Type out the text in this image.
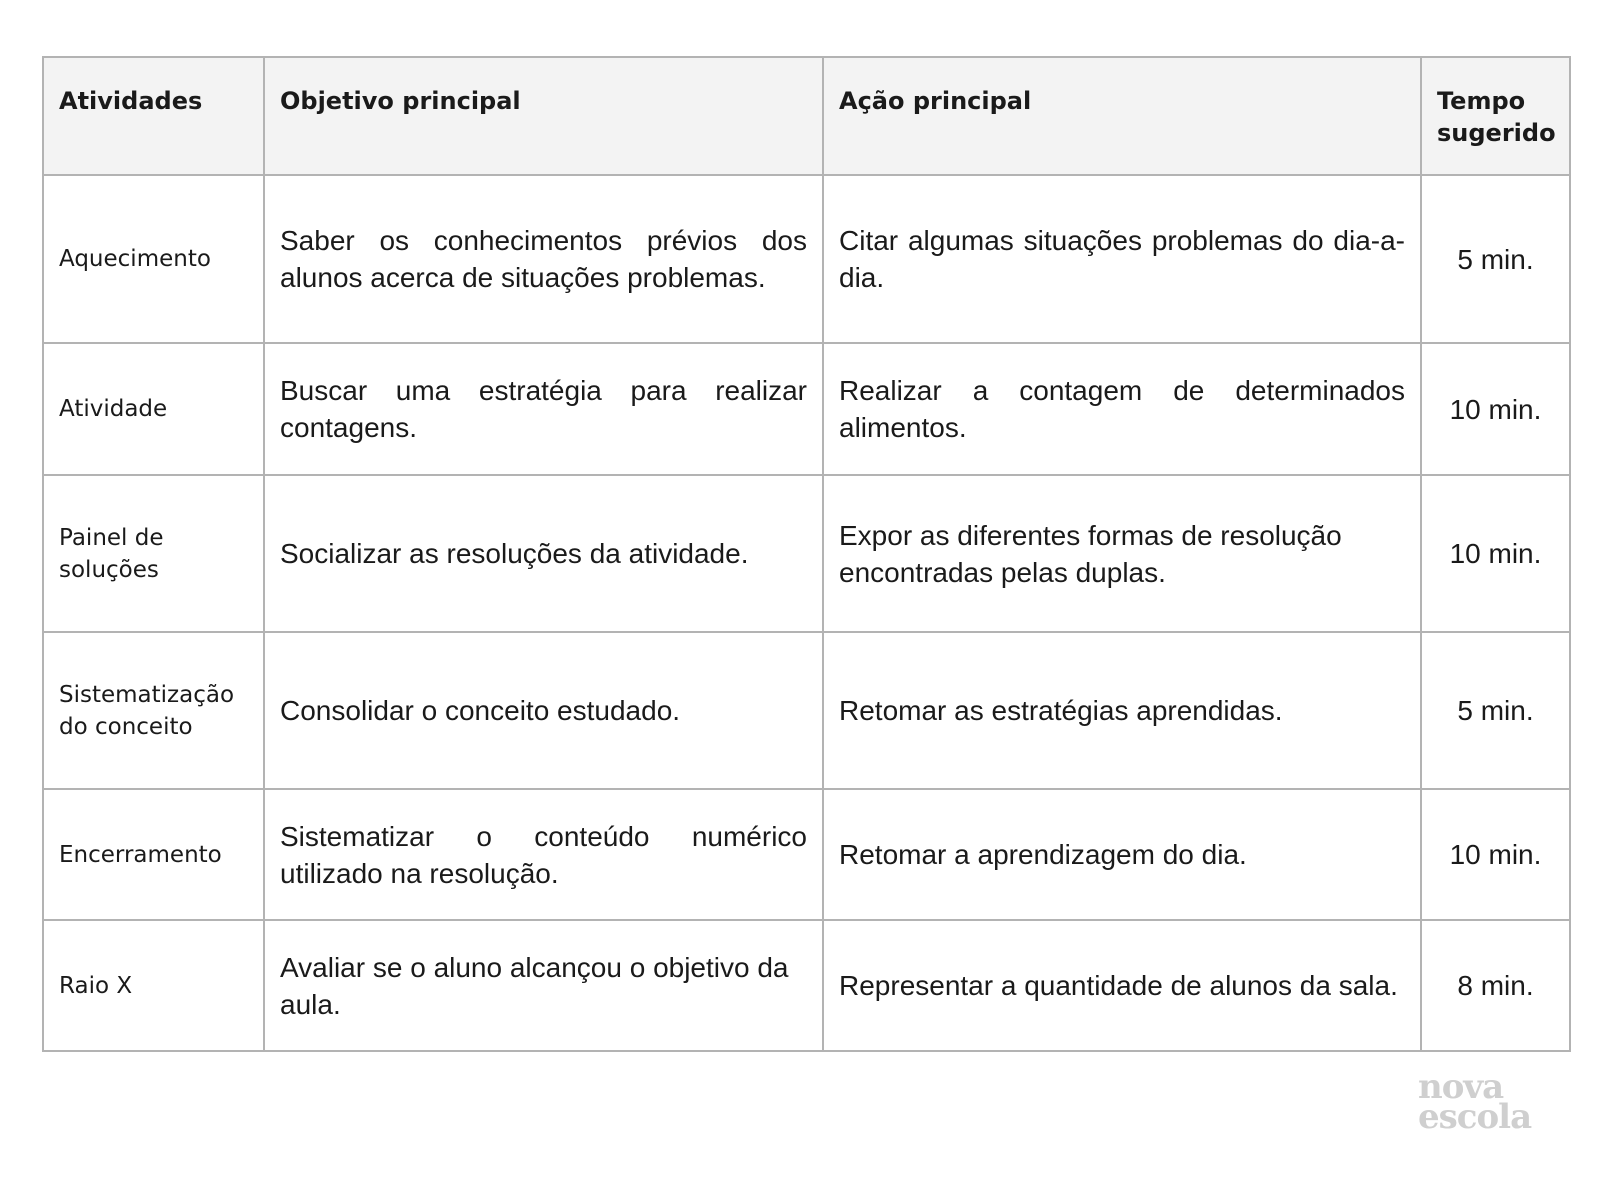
Atividades	Objetivo principal	Ação principal	Tempo sugerido
Aquecimento	Saber os conhecimentos prévios dos alunos acerca de situações problemas.	Citar algumas situações problemas do dia-a-dia.	5 min.
Atividade	Buscar uma estratégia para realizar contagens.	Realizar a contagem de determinados alimentos.	10 min.
Painel de soluções	Socializar as resoluções da atividade.	Expor as diferentes formas de resolução encontradas pelas duplas.	10 min.
Sistematização do conceito	Consolidar o conceito estudado.	Retomar as estratégias aprendidas.	5 min.
Encerramento	Sistematizar o conteúdo numérico utilizado na resolução.	Retomar a aprendizagem do dia.	10 min.
Raio X	Avaliar se o aluno alcançou o objetivo da aula.	Representar a quantidade de alunos da sala.	8 min.
nova
escola
